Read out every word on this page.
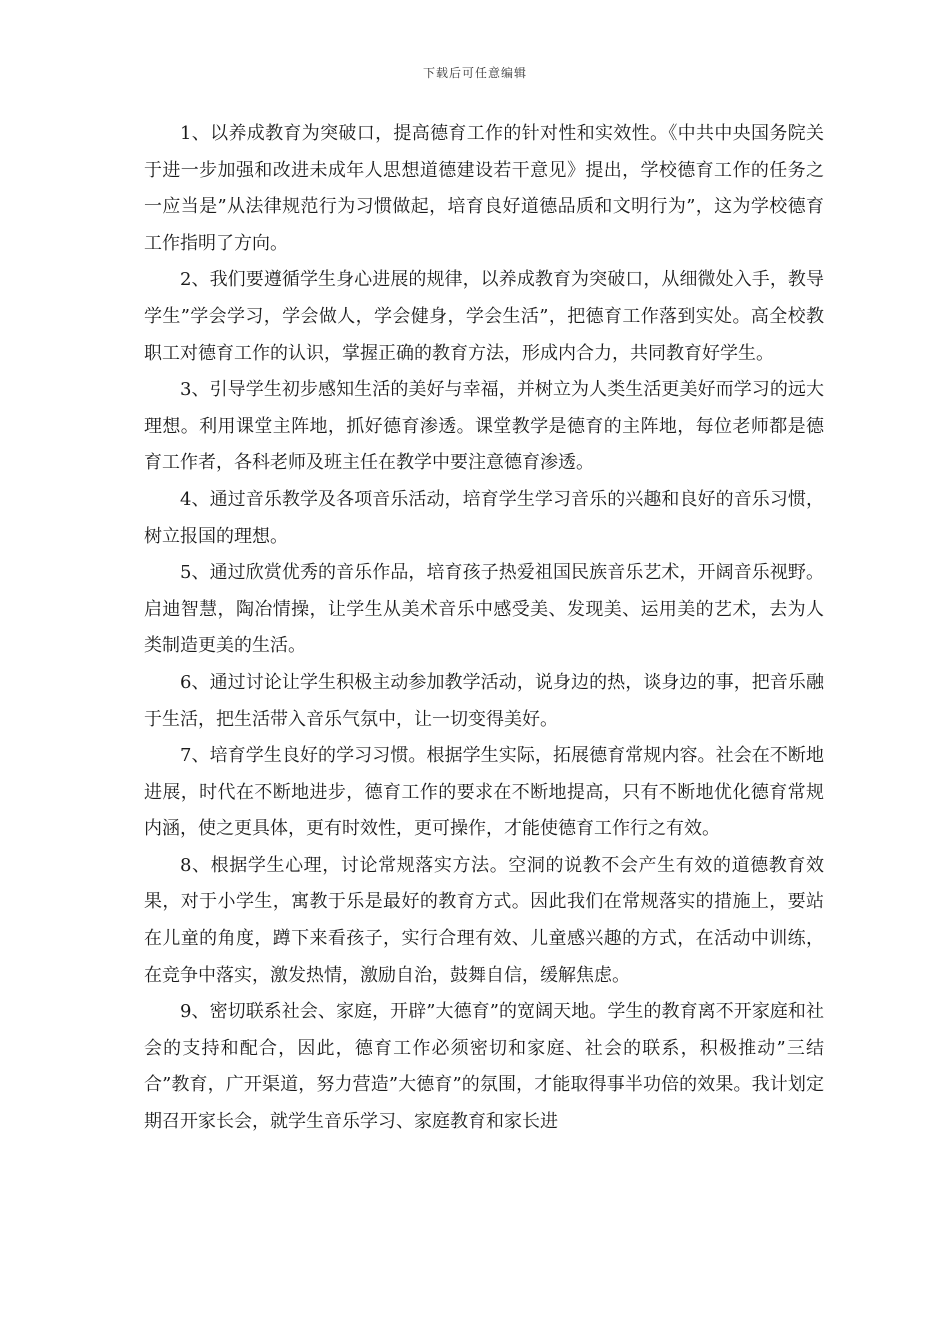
下载后可任意编辑

1、以养成教育为突破口，提高德育工作的针对性和实效性。《中共中央国务院关于进一步加强和改进未成年人思想道德建设若干意见》提出，学校德育工作的任务之一应当是”从法律规范行为习惯做起，培育良好道德品质和文明行为”，这为学校德育工作指明了方向。

2、我们要遵循学生身心进展的规律，以养成教育为突破口，从细微处入手，教导学生”学会学习，学会做人，学会健身，学会生活”，把德育工作落到实处。高全校教职工对德育工作的认识，掌握正确的教育方法，形成内合力，共同教育好学生。

3、引导学生初步感知生活的美好与幸福，并树立为人类生活更美好而学习的远大理想。利用课堂主阵地，抓好德育渗透。课堂教学是德育的主阵地，每位老师都是德育工作者，各科老师及班主任在教学中要注意德育渗透。

4、通过音乐教学及各项音乐活动，培育学生学习音乐的兴趣和良好的音乐习惯，树立报国的理想。

5、通过欣赏优秀的音乐作品，培育孩子热爱祖国民族音乐艺术，开阔音乐视野。启迪智慧，陶冶情操，让学生从美术音乐中感受美、发现美、运用美的艺术，去为人类制造更美的生活。

6、通过讨论让学生积极主动参加教学活动，说身边的热，谈身边的事，把音乐融于生活，把生活带入音乐气氛中，让一切变得美好。

7、培育学生良好的学习习惯。根据学生实际，拓展德育常规内容。社会在不断地进展，时代在不断地进步，德育工作的要求在不断地提高，只有不断地优化德育常规内涵，使之更具体，更有时效性，更可操作，才能使德育工作行之有效。

8、根据学生心理，讨论常规落实方法。空洞的说教不会产生有效的道德教育效果，对于小学生，寓教于乐是最好的教育方式。因此我们在常规落实的措施上，要站在儿童的角度，蹲下来看孩子，实行合理有效、儿童感兴趣的方式，在活动中训练，在竞争中落实，激发热情，激励自治，鼓舞自信，缓解焦虑。

9、密切联系社会、家庭，开辟”大德育”的宽阔天地。学生的教育离不开家庭和社会的支持和配合，因此，德育工作必须密切和家庭、社会的联系，积极推动”三结合”教育，广开渠道，努力营造”大德育”的氛围，才能取得事半功倍的效果。我计划定期召开家长会，就学生音乐学习、家庭教育和家长进
